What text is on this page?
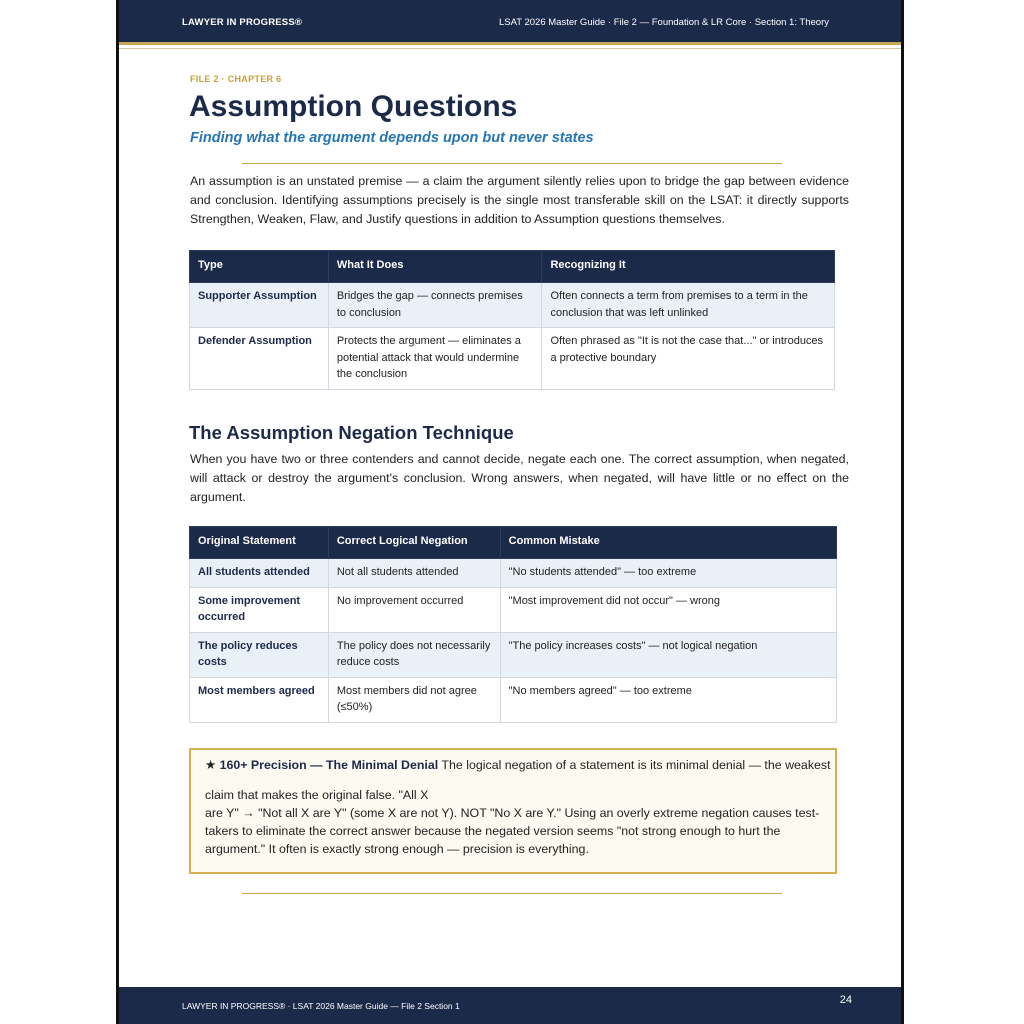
LAWYER IN PROGRESS®	LSAT 2026 Master Guide · File 2 — Foundation & LR Core · Section 1: Theory
FILE 2 · CHAPTER 6
Assumption Questions
Finding what the argument depends upon but never states

An assumption is an unstated premise — a claim the argument silently relies upon to bridge the gap between evidence and conclusion. Identifying assumptions precisely is the single most transferable skill on the LSAT: it directly supports Strengthen, Weaken, Flaw, and Justify questions in addition to Assumption questions themselves.

Type	What It Does	Recognizing It
Supporter Assumption	Bridges the gap — connects premises to conclusion	Often connects a term from premises to a term in the conclusion that was left unlinked
Defender Assumption	Protects the argument — eliminates a potential attack that would undermine the conclusion	Often phrased as "It is not the case that..." or introduces a protective boundary
The Assumption Negation Technique

When you have two or three contenders and cannot decide, negate each one. The correct assumption, when negated, will attack or destroy the argument's conclusion. Wrong answers, when negated, will have little or no effect on the argument.

Original Statement	Correct Logical Negation	Common Mistake
All students attended	Not all students attended	"No students attended" — too extreme
Some improvement occurred	No improvement occurred	"Most improvement did not occur" — wrong
The policy reduces costs	The policy does not necessarily reduce costs	"The policy increases costs" — not logical negation
Most members agreed	Most members did not agree (≤50%)	"No members agreed" — too extreme
★ 160+ Precision — The Minimal Denial The logical negation of a statement is its minimal denial — the weakest
claim that makes the original false. "All X
are Y" → "Not all X are Y" (some X are not Y). NOT "No X are Y." Using an overly extreme negation causes test-takers to eliminate the correct answer because the negated version seems "not strong enough to hurt the argument." It often is exactly strong enough — precision is everything.
LAWYER IN PROGRESS® · LSAT 2026 Master Guide — File 2 Section 1	24
